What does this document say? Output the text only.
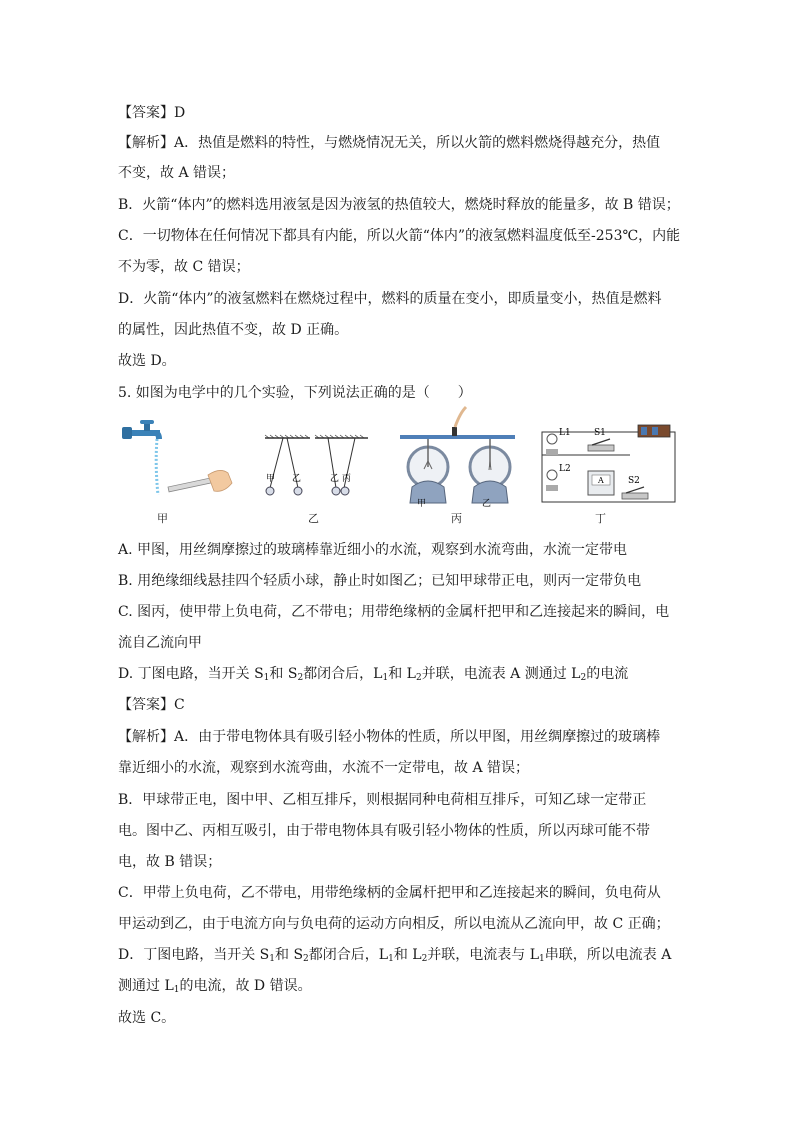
【答案】D
【解析】A．热值是燃料的特性，与燃烧情况无关，所以火箭的燃料燃烧得越充分，热值
不变，故 A 错误；
B．火箭“体内”的燃料选用液氢是因为液氢的热值较大，燃烧时释放的能量多，故 B 错误；
C．一切物体在任何情况下都具有内能，所以火箭“体内”的液氢燃料温度低至-253℃，内能
不为零，故 C 错误；
D．火箭“体内”的液氢燃料在燃烧过程中，燃料的质量在变小，即质量变小，热值是燃料
的属性，因此热值不变，故 D 正确。
故选 D。
5. 如图为电学中的几个实验，下列说法正确的是（　　）
甲 乙	乙 丙
甲	乙
L1
L2
S1
S2
A
甲	乙	丙	丁
A. 甲图，用丝绸摩擦过的玻璃棒靠近细小的水流，观察到水流弯曲，水流一定带电
B. 用绝缘细线悬挂四个轻质小球，静止时如图乙；已知甲球带正电，则丙一定带负电
C. 图丙，使甲带上负电荷，乙不带电；用带绝缘柄的金属杆把甲和乙连接起来的瞬间，电
流自乙流向甲
D. 丁图电路，当开关 $S_1$和 $S_2$都闭合后，$L_1$和 $L_2$并联，电流表 A 测通过 $L_2$的电流
【答案】C
【解析】A．由于带电物体具有吸引轻小物体的性质，所以甲图，用丝绸摩擦过的玻璃棒
靠近细小的水流，观察到水流弯曲，水流不一定带电，故 A 错误；
B．甲球带正电，图中甲、乙相互排斥，则根据同种电荷相互排斥，可知乙球一定带正
电。图中乙、丙相互吸引，由于带电物体具有吸引轻小物体的性质，所以丙球可能不带
电，故 B 错误；
C．甲带上负电荷，乙不带电，用带绝缘柄的金属杆把甲和乙连接起来的瞬间，负电荷从
甲运动到乙，由于电流方向与负电荷的运动方向相反，所以电流从乙流向甲，故 C 正确；
D．丁图电路，当开关 $S_1$和 $S_2$都闭合后，$L_1$和 $L_2$并联，电流表与 $L_1$串联，所以电流表 A
测通过 $L_1$的电流，故 D 错误。
故选 C。
